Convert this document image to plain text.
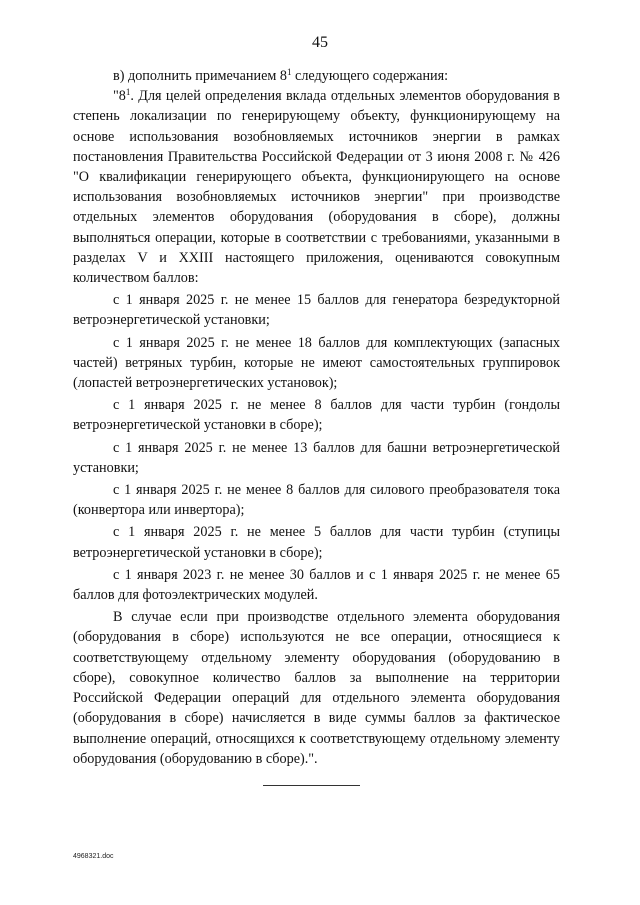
45

в) дополнить примечанием $8^1$ следующего содержания:

"$8^1$. Для целей определения вклада отдельных элементов оборудования в степень локализации по генерирующему объекту, функционирующему на основе использования возобновляемых источников энергии в рамках постановления Правительства Российской Федерации от 3 июня 2008 г. № 426 "О квалификации генерирующего объекта, функционирующего на основе использования возобновляемых источников энергии" при производстве отдельных элементов оборудования (оборудования в сборе), должны выполняться операции, которые в соответствии с требованиями, указанными в разделах V и XXIII настоящего приложения, оцениваются совокупным количеством баллов:

с 1 января 2025 г. не менее 15 баллов для генератора безредукторной ветроэнергетической установки;

с 1 января 2025 г. не менее 18 баллов для комплектующих (запасных частей) ветряных турбин, которые не имеют самостоятельных группировок (лопастей ветроэнергетических установок);

с 1 января 2025 г. не менее 8 баллов для части турбин (гондолы ветроэнергетической установки в сборе);

с 1 января 2025 г. не менее 13 баллов для башни ветроэнергетической установки;

с 1 января 2025 г. не менее 8 баллов для силового преобразователя тока (конвертора или инвертора);

с 1 января 2025 г. не менее 5 баллов для части турбин (ступицы ветроэнергетической установки в сборе);

с 1 января 2023 г. не менее 30 баллов и с 1 января 2025 г. не менее 65 баллов для фотоэлектрических модулей.

В случае если при производстве отдельного элемента оборудования (оборудования в сборе) используются не все операции, относящиеся к соответствующему отдельному элементу оборудования (оборудованию в сборе), совокупное количество баллов за выполнение на территории Российской Федерации операций для отдельного элемента оборудования (оборудования в сборе) начисляется в виде суммы баллов за фактическое выполнение операций, относящихся к соответствующему отдельному элементу оборудования (оборудованию в сборе).".

4968321.doc
